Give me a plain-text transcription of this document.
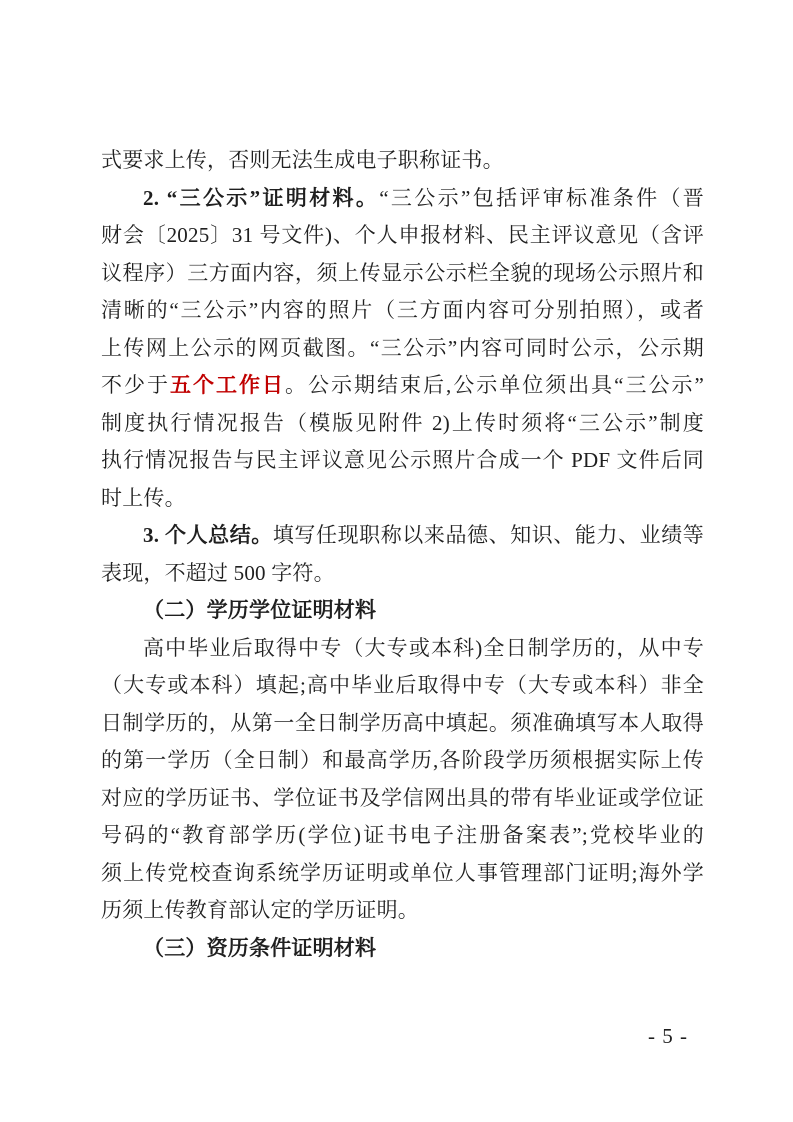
式要求上传，否则无法生成电子职称证书。
2. “三公示”证明材料。“三公示”包括评审标准条件（晋
财会〔2025〕31 号文件)、个人申报材料、民主评议意见（含评
议程序）三方面内容，须上传显示公示栏全貌的现场公示照片和
清晰的“三公示”内容的照片（三方面内容可分别拍照），或者
上传网上公示的网页截图。“三公示”内容可同时公示，公示期
不少于五个工作日。公示期结束后,公示单位须出具“三公示”
制度执行情况报告（模版见附件 2)上传时须将“三公示”制度
执行情况报告与民主评议意见公示照片合成一个 PDF 文件后同
时上传。
3. 个人总结。填写任现职称以来品德、知识、能力、业绩等
表现，不超过 500 字符。
（二）学历学位证明材料
高中毕业后取得中专（大专或本科)全日制学历的，从中专
（大专或本科）填起;高中毕业后取得中专（大专或本科）非全
日制学历的，从第一全日制学历高中填起。须准确填写本人取得
的第一学历（全日制）和最高学历,各阶段学历须根据实际上传
对应的学历证书、学位证书及学信网出具的带有毕业证或学位证
号码的“教育部学历(学位)证书电子注册备案表”;党校毕业的
须上传党校查询系统学历证明或单位人事管理部门证明;海外学
历须上传教育部认定的学历证明。
（三）资历条件证明材料
- 5 -
